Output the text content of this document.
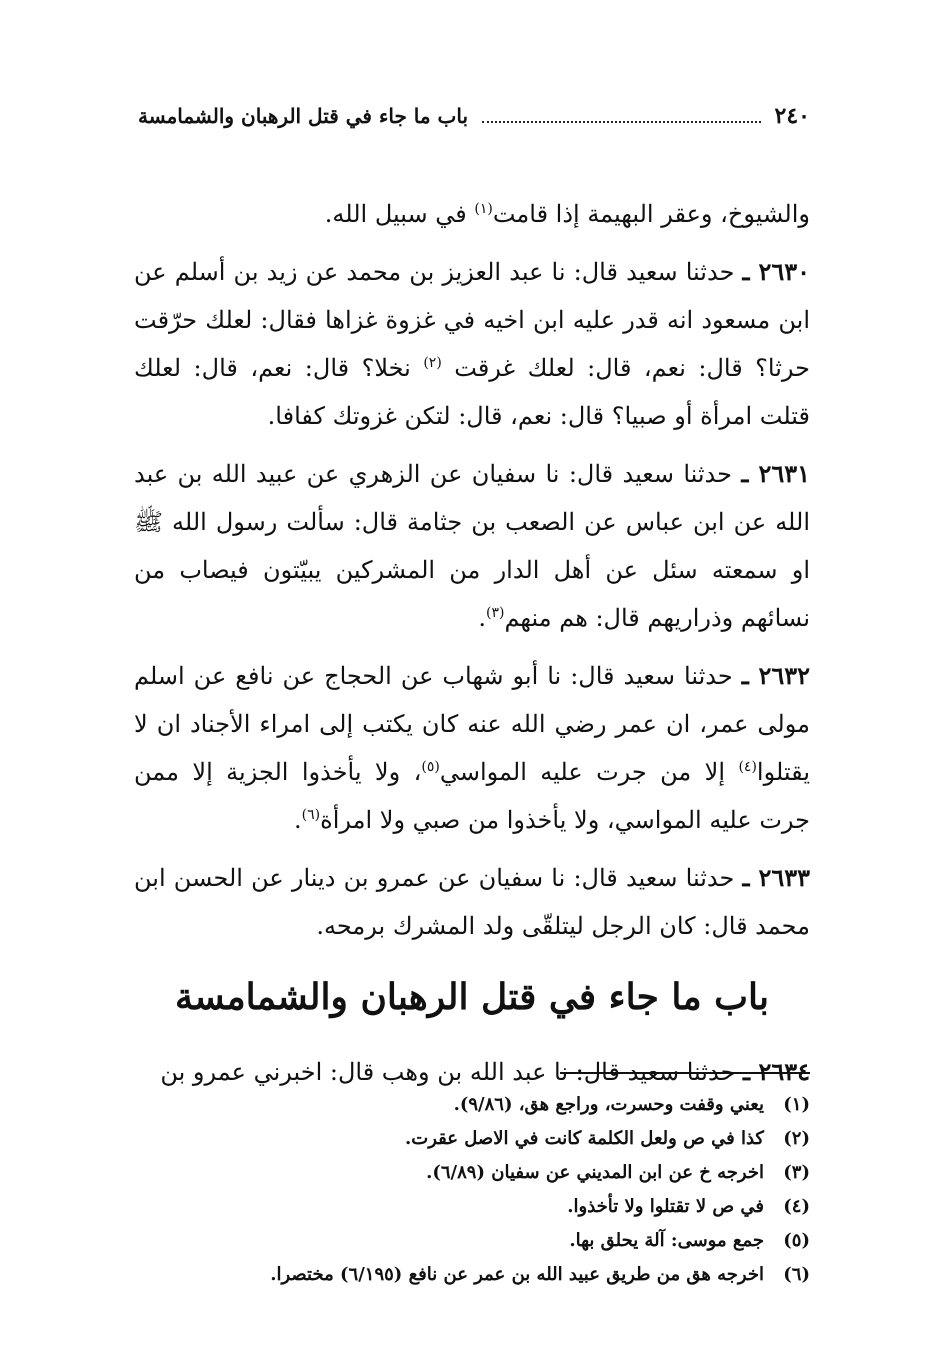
٢٤٠
باب ما جاء في قتل الرهبان والشمامسة

والشيوخ، وعقر البهيمة إذا قامت$^{(١)}$ في سبيل الله.

٢٦٣٠ ـ حدثنا سعيد قال: نا عبد العزيز بن محمد عن زيد بن أسلم عن ابن مسعود انه قدر عليه ابن اخيه في غزوة غزاها فقال: لعلك حرّقت حرثا؟ قال: نعم، قال: لعلك غرقت $^{(٢)}$ نخلا؟ قال: نعم، قال: لعلك قتلت امرأة أو صبيا؟ قال: نعم، قال: لتكن غزوتك كفافا.

٢٦٣١ ـ حدثنا سعيد قال: نا سفيان عن الزهري عن عبيد الله بن عبد الله عن ابن عباس عن الصعب بن جثامة قال: سألت رسول الله ﷺ او سمعته سئل عن أهل الدار من المشركين يبيّتون فيصاب من نسائهم وذراريهم قال: هم منهم$^{(٣)}$.

٢٦٣٢ ـ حدثنا سعيد قال: نا أبو شهاب عن الحجاج عن نافع عن اسلم مولى عمر، ان عمر رضي الله عنه كان يكتب إلى امراء الأجناد ان لا يقتلوا$^{(٤)}$ إلا من جرت عليه المواسي$^{(٥)}$، ولا يأخذوا الجزية إلا ممن جرت عليه المواسي، ولا يأخذوا من صبي ولا امرأة$^{(٦)}$.

٢٦٣٣ ـ حدثنا سعيد قال: نا سفيان عن عمرو بن دينار عن الحسن ابن محمد قال: كان الرجل ليتلقّى ولد المشرك برمحه.

باب ما جاء في قتل الرهبان والشمامسة

٢٦٣٤ ـ حدثنا سعيد قال: نا عبد الله بن وهب قال: اخبرني عمرو بن

(١)
يعني وقفت وحسرت، وراجع هق، (٩/٨٦).
(٢)
كذا في ص ولعل الكلمة كانت في الاصل عقرت.
(٣)
اخرجه خ عن ابن المديني عن سفيان (٦/٨٩).
(٤)
في ص لا تقتلوا ولا تأخذوا.
(٥)
جمع موسى: آلة يحلق بها.
(٦)
اخرجه هق من طريق عبيد الله بن عمر عن نافع (٦/١٩٥) مختصرا.
